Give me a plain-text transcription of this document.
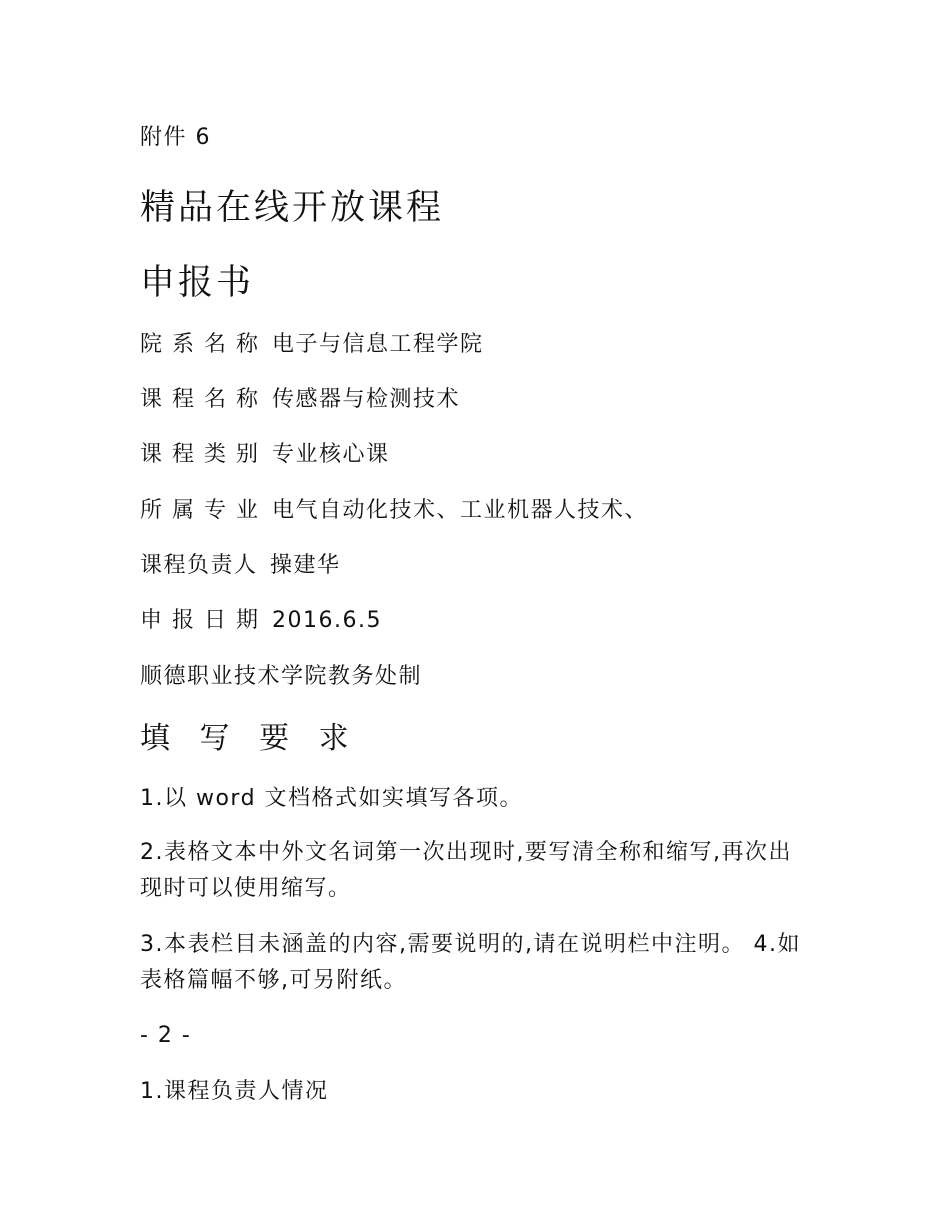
附件 6
精品在线开放课程
申报书
院 系 名 称 电子与信息工程学院
课 程 名 称 传感器与检测技术
课 程 类 别 专业核心课
所 属 专 业 电气自动化技术、工业机器人技术、
课程负责人 操建华
申 报 日 期 2016.6.5
顺德职业技术学院教务处制
填 写 要 求
1.以 word 文档格式如实填写各项。
2.表格文本中外文名词第一次出现时,要写清全称和缩写,再次出现时可以使用缩写。
3.本表栏目未涵盖的内容,需要说明的,请在说明栏中注明。 4.如表格篇幅不够,可另附纸。
- 2 -
1.课程负责人情况
